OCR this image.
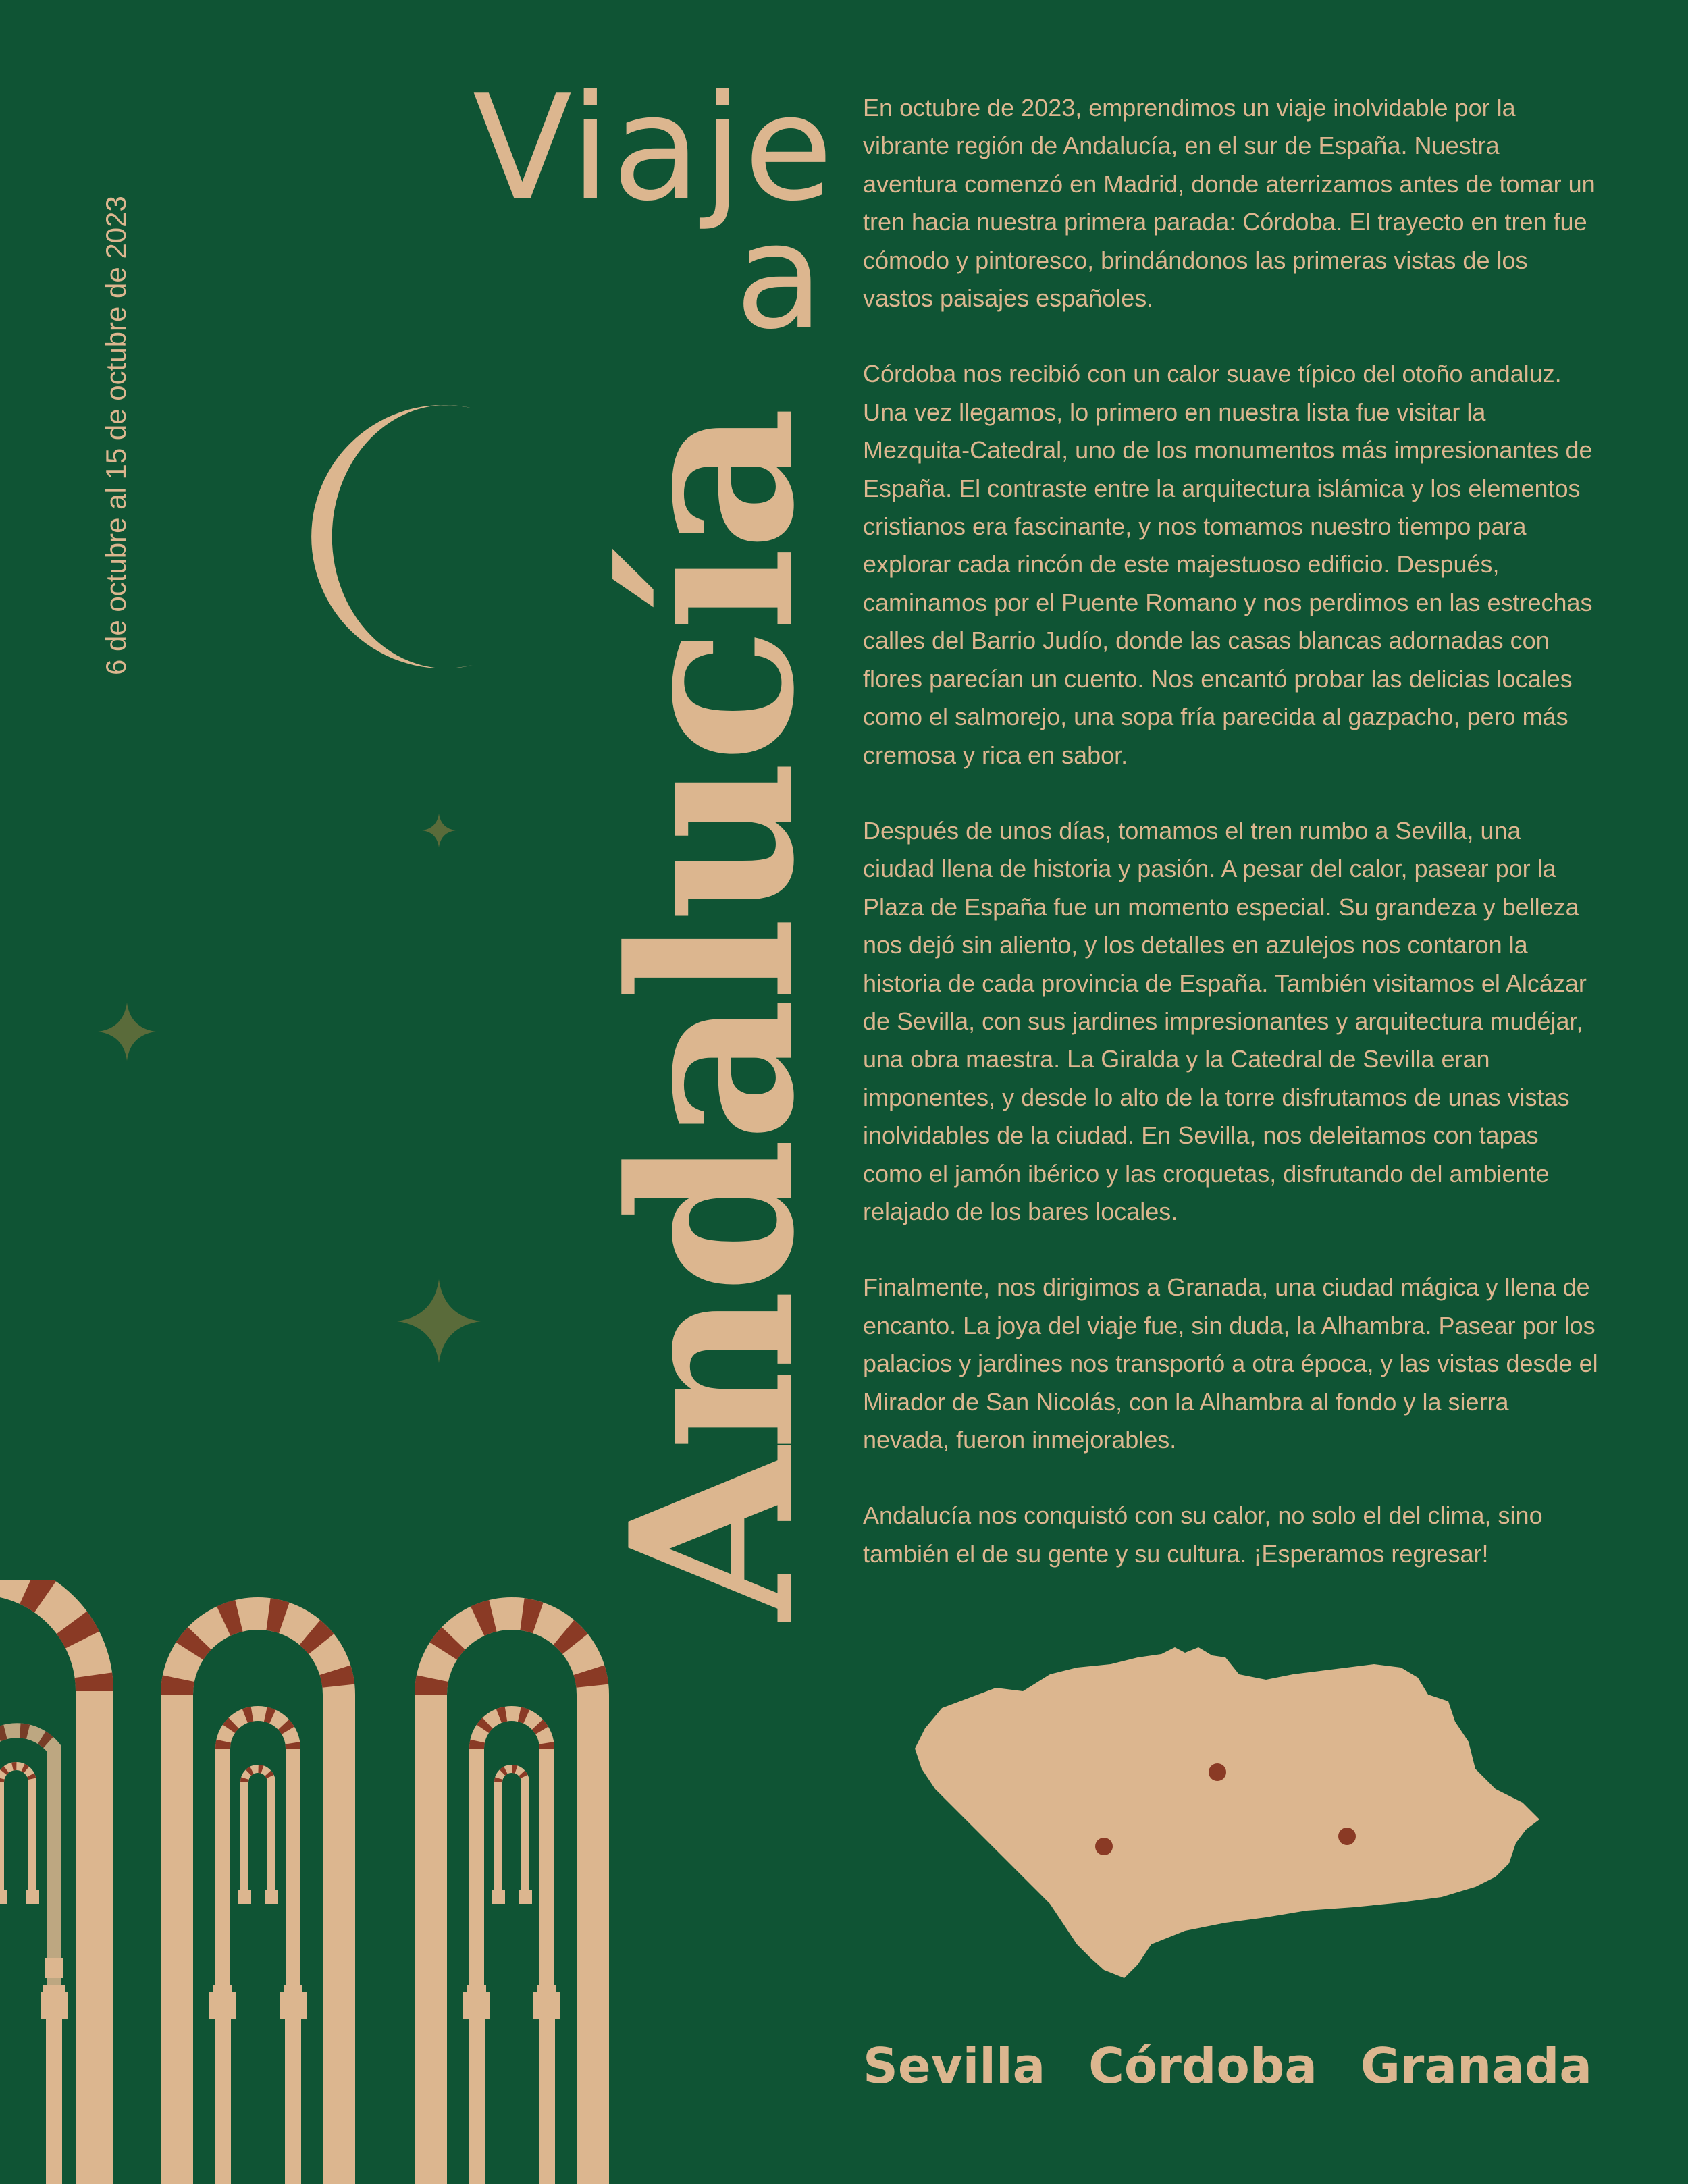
6 de octubre al 15 de octubre de 2023
Viaje
a
Andalucía

En octubre de 2023, emprendimos un viaje inolvidable por la vibrante región de Andalucía, en el sur de España. Nuestra aventura comenzó en Madrid, donde aterrizamos antes de tomar un tren hacia nuestra primera parada: Córdoba. El trayecto en tren fue cómodo y pintoresco, brindándonos las primeras vistas de los vastos paisajes españoles.

Córdoba nos recibió con un calor suave típico del otoño andaluz. Una vez llegamos, lo primero en nuestra lista fue visitar la Mezquita-Catedral, uno de los monumentos más impresionantes de España. El contraste entre la arquitectura islámica y los elementos cristianos era fascinante, y nos tomamos nuestro tiempo para explorar cada rincón de este majestuoso edificio. Después, caminamos por el Puente Romano y nos perdimos en las estrechas calles del Barrio Judío, donde las casas blancas adornadas con flores parecían un cuento. Nos encantó probar las delicias locales como el salmorejo, una sopa fría parecida al gazpacho, pero más cremosa y rica en sabor.

Después de unos días, tomamos el tren rumbo a Sevilla, una ciudad llena de historia y pasión. A pesar del calor, pasear por la Plaza de España fue un momento especial. Su grandeza y belleza nos dejó sin aliento, y los detalles en azulejos nos contaron la historia de cada provincia de España. También visitamos el Alcázar de Sevilla, con sus jardines impresionantes y arquitectura mudéjar, una obra maestra. La Giralda y la Catedral de Sevilla eran imponentes, y desde lo alto de la torre disfrutamos de unas vistas inolvidables de la ciudad. En Sevilla, nos deleitamos con tapas como el jamón ibérico y las croquetas, disfrutando del ambiente relajado de los bares locales.

Finalmente, nos dirigimos a Granada, una ciudad mágica y llena de encanto. La joya del viaje fue, sin duda, la Alhambra. Pasear por los palacios y jardines nos transportó a otra época, y las vistas desde el Mirador de San Nicolás, con la Alhambra al fondo y la sierra nevada, fueron inmejorables.

Andalucía nos conquistó con su calor, no solo el del clima, sino también el de su gente y su cultura. ¡Esperamos regresar!

Sevilla Córdoba Granada
